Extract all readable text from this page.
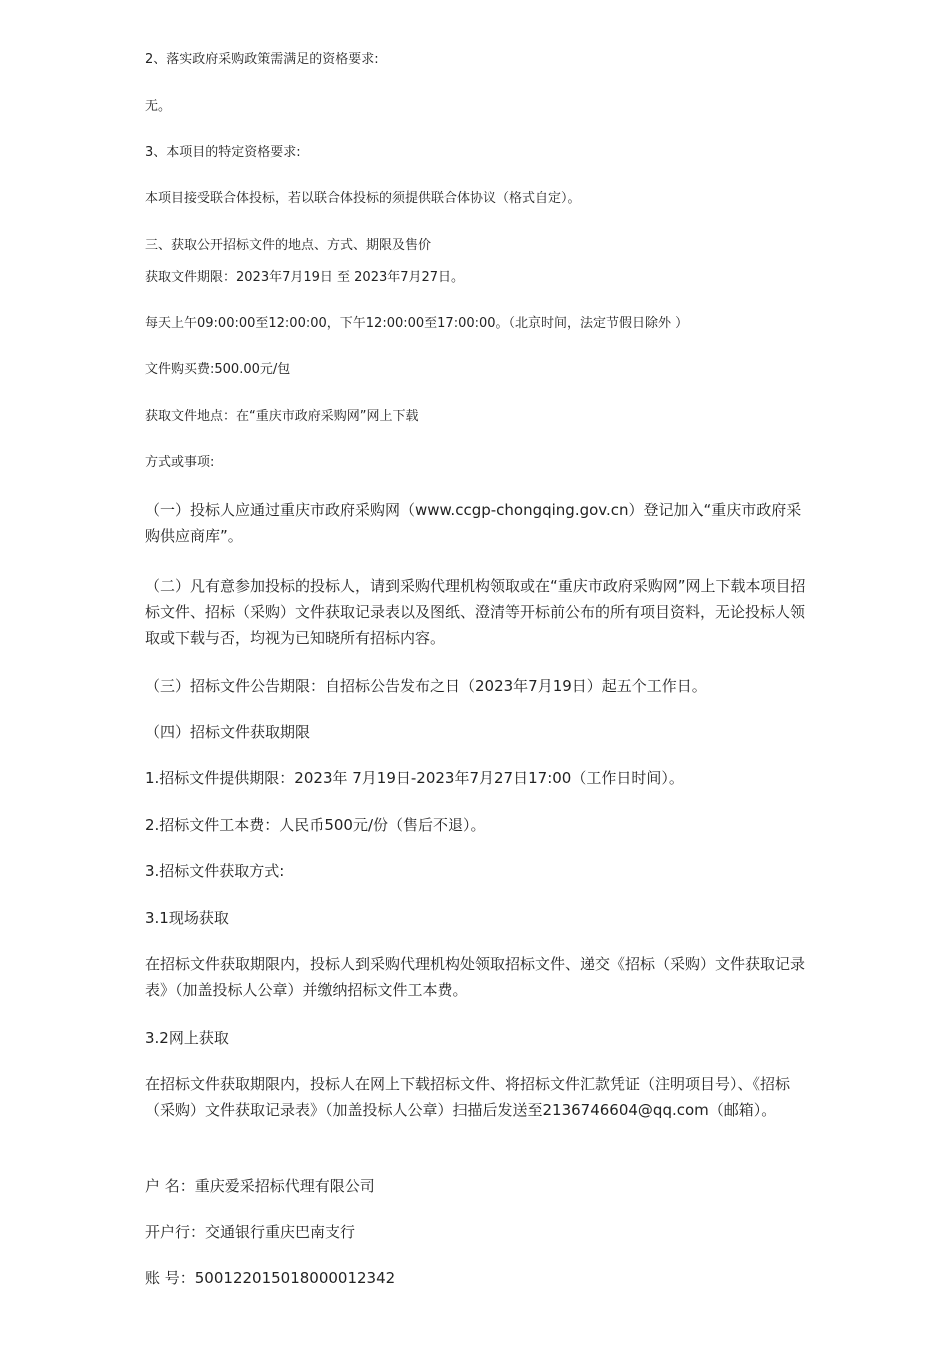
2、落实政府采购政策需满足的资格要求:

无。

3、本项目的特定资格要求:

本项目接受联合体投标，若以联合体投标的须提供联合体协议（格式自定）。

三、获取公开招标文件的地点、方式、期限及售价

获取文件期限：2023年7月19日 至 2023年7月27日。

每天上午09:00:00至12:00:00，下午12:00:00至17:00:00。（北京时间，法定节假日除外 ）

文件购买费:500.00元/包

获取文件地点：在“重庆市政府采购网”网上下载

方式或事项:

（一）投标人应通过重庆市政府采购网（www.ccgp-chongqing.gov.cn）登记加入“重庆市政府采购供应商库”。

（二）凡有意参加投标的投标人，请到采购代理机构领取或在“重庆市政府采购网”网上下载本项目招标文件、招标（采购）文件获取记录表以及图纸、澄清等开标前公布的所有项目资料，无论投标人领取或下载与否，均视为已知晓所有招标内容。

（三）招标文件公告期限：自招标公告发布之日（2023年7月19日）起五个工作日。

（四）招标文件获取期限

1.招标文件提供期限：2023年 7月19日-2023年7月27日17:00（工作日时间）。

2.招标文件工本费：人民币500元/份（售后不退）。

3.招标文件获取方式:

3.1现场获取

在招标文件获取期限内，投标人到采购代理机构处领取招标文件、递交《招标（采购）文件获取记录表》（加盖投标人公章）并缴纳招标文件工本费。

3.2网上获取

在招标文件获取期限内，投标人在网上下载招标文件、将招标文件汇款凭证（注明项目号）、《招标（采购）文件获取记录表》（加盖投标人公章）扫描后发送至2136746604@qq.com（邮箱）。

户 名：重庆爱采招标代理有限公司

开户行：交通银行重庆巴南支行

账 号：500122015018000012342
